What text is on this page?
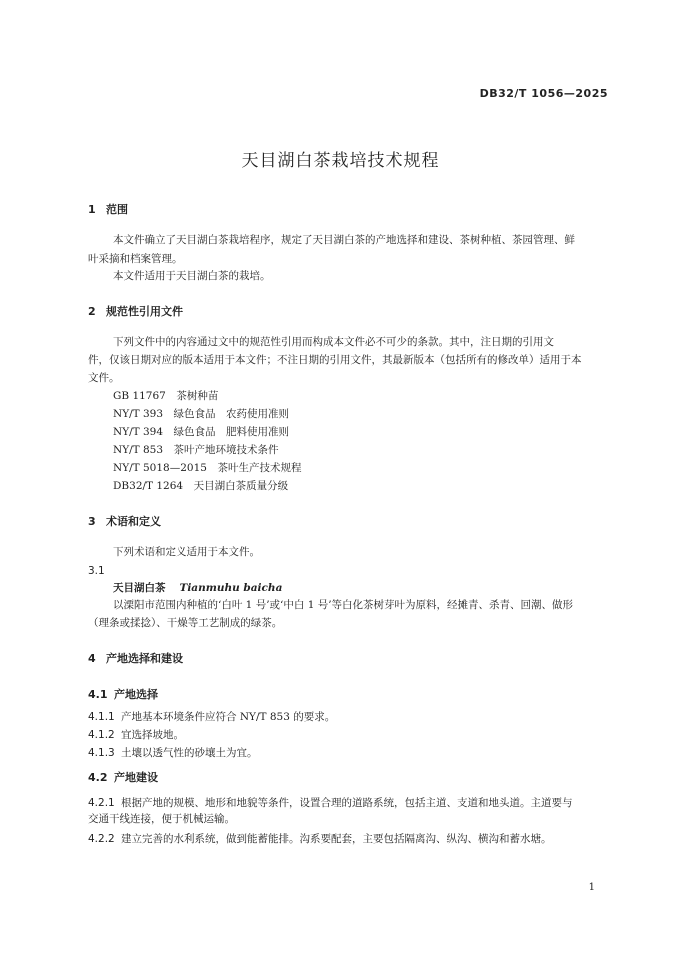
DB32/T 1056—2025
天目湖白茶栽培技术规程
1 范围
本文件确立了天目湖白茶栽培程序，规定了天目湖白茶的产地选择和建设、茶树种植、茶园管理、鲜
叶采摘和档案管理。
本文件适用于天目湖白茶的栽培。
2 规范性引用文件
下列文件中的内容通过文中的规范性引用而构成本文件必不可少的条款。其中，注日期的引用文
件，仅该日期对应的版本适用于本文件；不注日期的引用文件，其最新版本（包括所有的修改单）适用于本
文件。
GB 11767　 茶树种苗
NY/T 393　 绿色食品　农药使用准则
NY/T 394　 绿色食品　肥料使用准则
NY/T 853　 茶叶产地环境技术条件
NY/T 5018—2015　 茶叶生产技术规程
DB32/T 1264　 天目湖白茶质量分级
3 术语和定义
下列术语和定义适用于本文件。
3.1
天目湖白茶 Tianmuhu baicha
以溧阳市范围内种植的‘白叶 1 号’或‘中白 1 号’等白化茶树芽叶为原料，经摊青、杀青、回潮、做形
（理条或揉捻）、干燥等工艺制成的绿茶。
4 产地选择和建设
4.1 产地选择
4.1.1 产地基本环境条件应符合 NY/T 853 的要求。
4.1.2 宜选择坡地。
4.1.3 土壤以透气性的砂壤土为宜。
4.2 产地建设
4.2.1 根据产地的规模、地形和地貌等条件，设置合理的道路系统，包括主道、支道和地头道。主道要与
交通干线连接，便于机械运输。
4.2.2 建立完善的水利系统，做到能蓄能排。沟系要配套，主要包括隔离沟、纵沟、横沟和蓄水塘。
1
